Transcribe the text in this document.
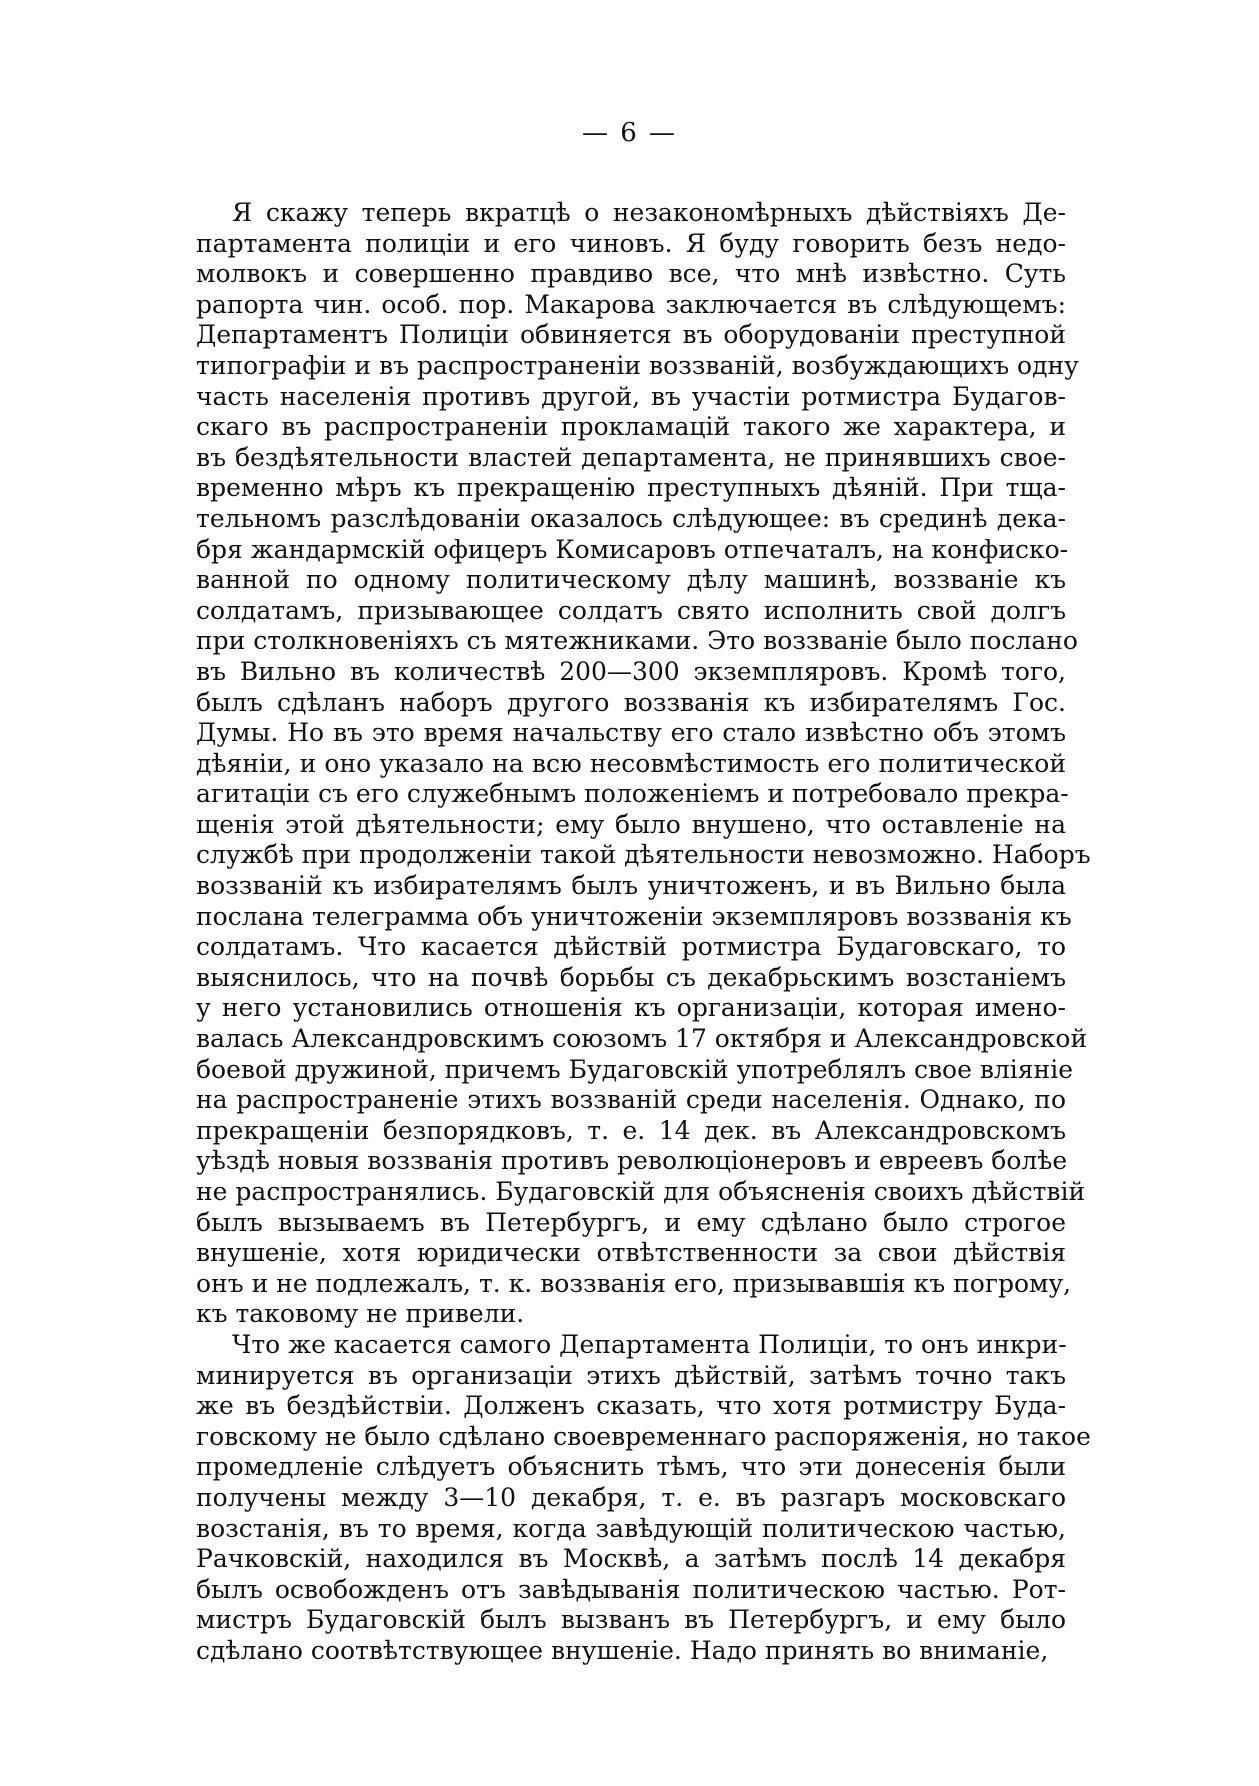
— 6 —
Я скажу теперь вкратцѣ о незакономѣрныхъ дѣйствіяхъ Де-
партамента полиціи и его чиновъ. Я буду говорить безъ недо-
молвокъ и совершенно правдиво все, что мнѣ извѣстно. Суть
рапорта чин. особ. пор. Макарова заключается въ слѣдующемъ:
Департаментъ Полиціи обвиняется въ оборудованіи преступной
типографіи и въ распространеніи воззваній, возбуждающихъ одну
часть населенія противъ другой, въ участіи ротмистра Будагов-
скаго въ распространеніи прокламацій такого же характера, и
въ бездѣятельности властей департамента, не принявшихъ свое-
временно мѣръ къ прекращенію преступныхъ дѣяній. При тща-
тельномъ разслѣдованіи оказалось слѣдующее: въ срединѣ дека-
бря жандармскій офицеръ Комисаровъ отпечаталъ, на конфиско-
ванной по одному политическому дѣлу машинѣ, воззваніе къ
солдатамъ, призывающее солдатъ свято исполнить свой долгъ
при столкновеніяхъ съ мятежниками. Это воззваніе было послано
въ Вильно въ количествѣ 200—300 экземпляровъ. Кромѣ того,
былъ сдѣланъ наборъ другого воззванія къ избирателямъ Гос.
Думы. Но въ это время начальству его стало извѣстно объ этомъ
дѣяніи, и оно указало на всю несовмѣстимость его политической
агитаціи съ его служебнымъ положеніемъ и потребовало прекра-
щенія этой дѣятельности; ему было внушено, что оставленіе на
службѣ при продолженіи такой дѣятельности невозможно. Наборъ
воззваній къ избирателямъ былъ уничтоженъ, и въ Вильно была
послана телеграмма объ уничтоженіи экземпляровъ воззванія къ
солдатамъ. Что касается дѣйствій ротмистра Будаговскаго, то
выяснилось, что на почвѣ борьбы съ декабрьскимъ возстаніемъ
у него установились отношенія къ организаціи, которая имено-
валась Александровскимъ союзомъ 17 октября и Александровской
боевой дружиной, причемъ Будаговскій употреблялъ свое вліяніе
на распространеніе этихъ воззваній среди населенія. Однако, по
прекращеніи безпорядковъ, т. е. 14 дек. въ Александровскомъ
уѣздѣ новыя воззванія противъ революціонеровъ и евреевъ болѣе
не распространялись. Будаговскій для объясненія своихъ дѣйствій
былъ вызываемъ въ Петербургъ, и ему сдѣлано было строгое
внушеніе, хотя юридически отвѣтственности за свои дѣйствія
онъ и не подлежалъ, т. к. воззванія его, призывавшія къ погрому,
къ таковому не привели.
Что же касается самого Департамента Полиціи, то онъ инкри-
минируется въ организаціи этихъ дѣйствій, затѣмъ точно такъ
же въ бездѣйствіи. Долженъ сказать, что хотя ротмистру Буда-
говскому не было сдѣлано своевременнаго распоряженія, но такое
промедленіе слѣдуетъ объяснить тѣмъ, что эти донесенія были
получены между 3—10 декабря, т. е. въ разгаръ московскаго
возстанія, въ то время, когда завѣдующій политическою частью,
Рачковскій, находился въ Москвѣ, а затѣмъ послѣ 14 декабря
былъ освобожденъ отъ завѣдыванія политическою частью. Рот-
мистръ Будаговскій былъ вызванъ въ Петербургъ, и ему было
сдѣлано соотвѣтствующее внушеніе. Надо принять во вниманіе,
